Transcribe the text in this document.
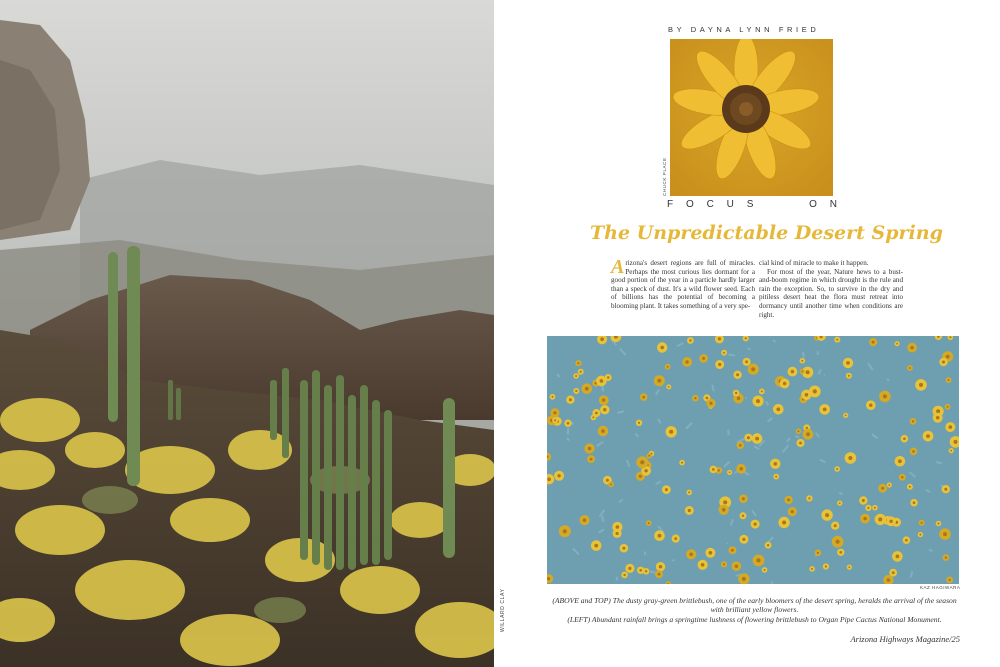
WILLARD CLAY
BY DAYNA LYNN FRIED
CHUCK PLACE
F O C U S	O N
The Unpredictable Desert Spring

Arizona's desert regions are full of miracles. Perhaps the most curious lies dormant for a good portion of the year in a particle hardly larger than a speck of dust. It's a wild flower seed. Each of billions has the potential of becoming a blooming plant. It takes something of a very spe-

cial kind of miracle to make it happen.

For most of the year, Nature hews to a bust-and-boom regime in which drought is the rule and rain the exception. So, to survive in the dry and pitiless desert heat the flora must retreat into dormancy until another time when conditions are right.

KAZ HAGIWARA

(ABOVE and TOP) The dusty gray-green brittlebush, one of the early bloomers of the desert spring, heralds the arrival of the season with brilliant yellow flowers.

(LEFT) Abundant rainfall brings a springtime lushness of flowering brittlebush to Organ Pipe Cactus National Monument.

Arizona Highways Magazine/25
